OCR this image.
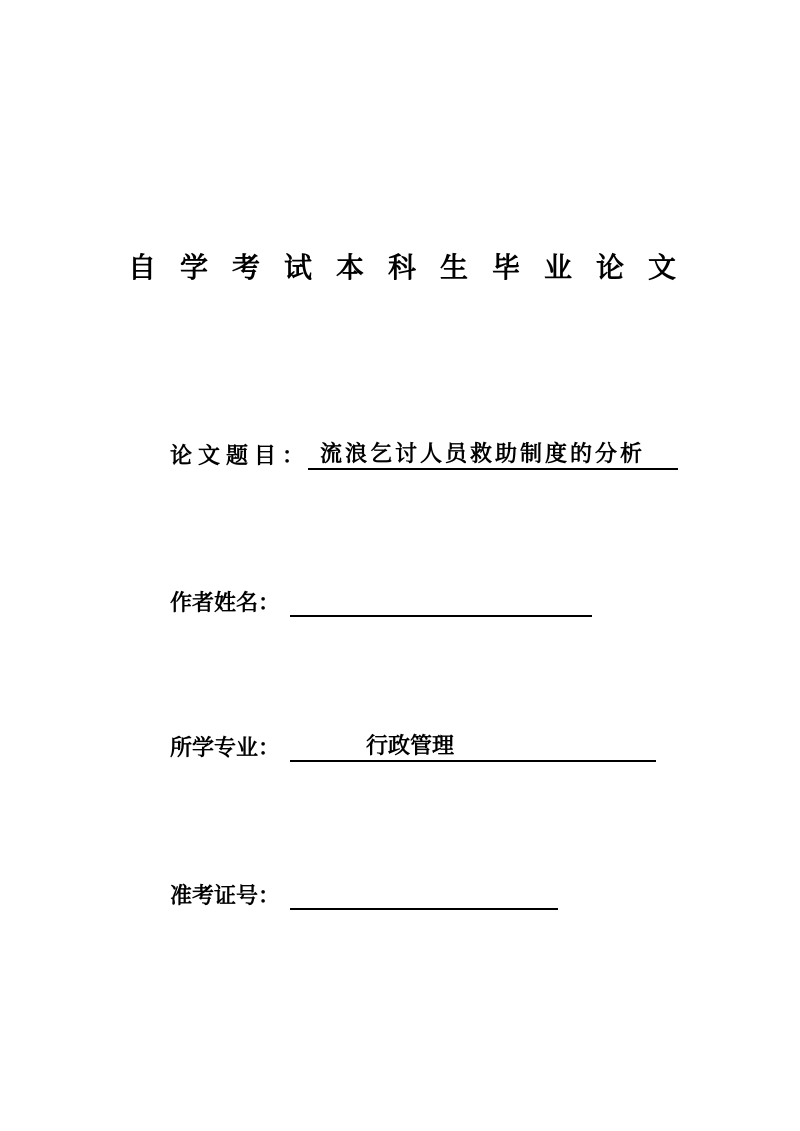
自学考试本科生毕业论文
论文题目： 流浪乞讨人员救助制度的分析
作者姓名：
所学专业：	行政管理
准考证号：
